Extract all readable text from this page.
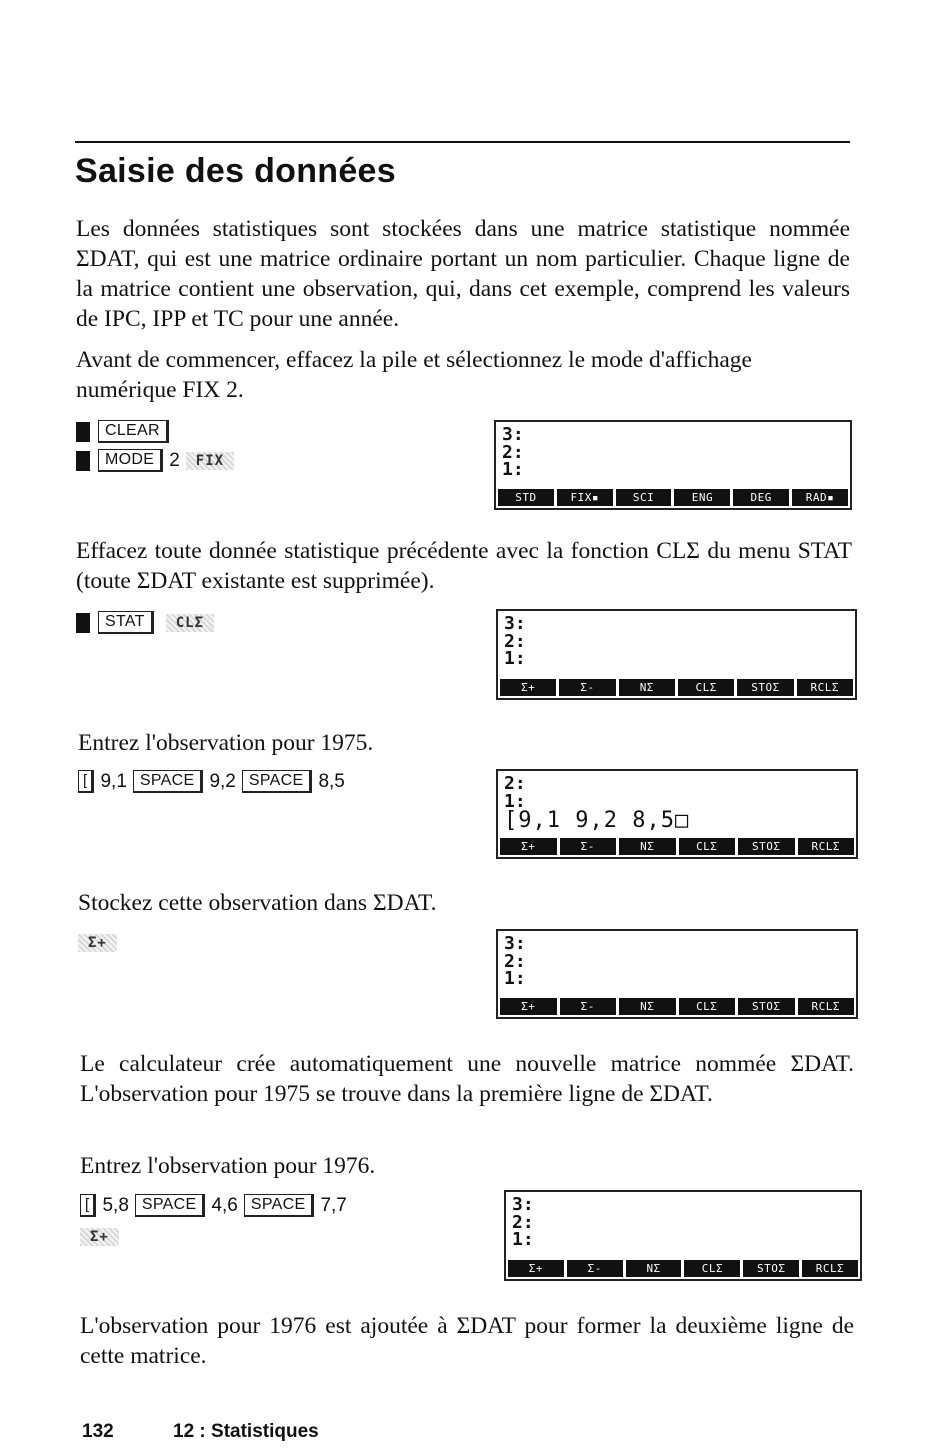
Saisie des données

Les données statistiques sont stockées dans une matrice statistique nommée ΣDAT, qui est une matrice ordinaire portant un nom particulier. Chaque ligne de la matrice contient une observation, qui, dans cet exemple, comprend les valeurs de IPC, IPP et TC pour une année.

Avant de commencer, effacez la pile et sélectionnez le mode d'affichage numérique FIX 2.

CLEAR
MODE 2	FIX
3:
2:
1:
STD	FIX▪	SCI	ENG	DEG	RAD▪

Effacez toute donnée statistique précédente avec la fonction CLΣ du menu STAT (toute ΣDAT existante est supprimée).

STAT	CLΣ	3:
2:
1:
Σ+	Σ-	NΣ	CLΣ	STOΣ	RCLΣ

Entrez l'observation pour 1975.

[ 9,1 SPACE 9,2 SPACE 8,5	2:
1:
[9,1 9,2 8,5□
Σ+	Σ-	NΣ	CLΣ	STOΣ	RCLΣ

Stockez cette observation dans ΣDAT.

Σ+	3:
2:
1:
Σ+	Σ-	NΣ	CLΣ	STOΣ	RCLΣ

Le calculateur crée automatiquement une nouvelle matrice nommée ΣDAT. L'observation pour 1975 se trouve dans la première ligne de ΣDAT.

Entrez l'observation pour 1976.

[ 5,8 SPACE 4,6 SPACE 7,7
Σ+
3:
2:
1:
Σ+	Σ-	NΣ	CLΣ	STOΣ	RCLΣ

L'observation pour 1976 est ajoutée à ΣDAT pour former la deuxième ligne de cette matrice.

132	12 : Statistiques
